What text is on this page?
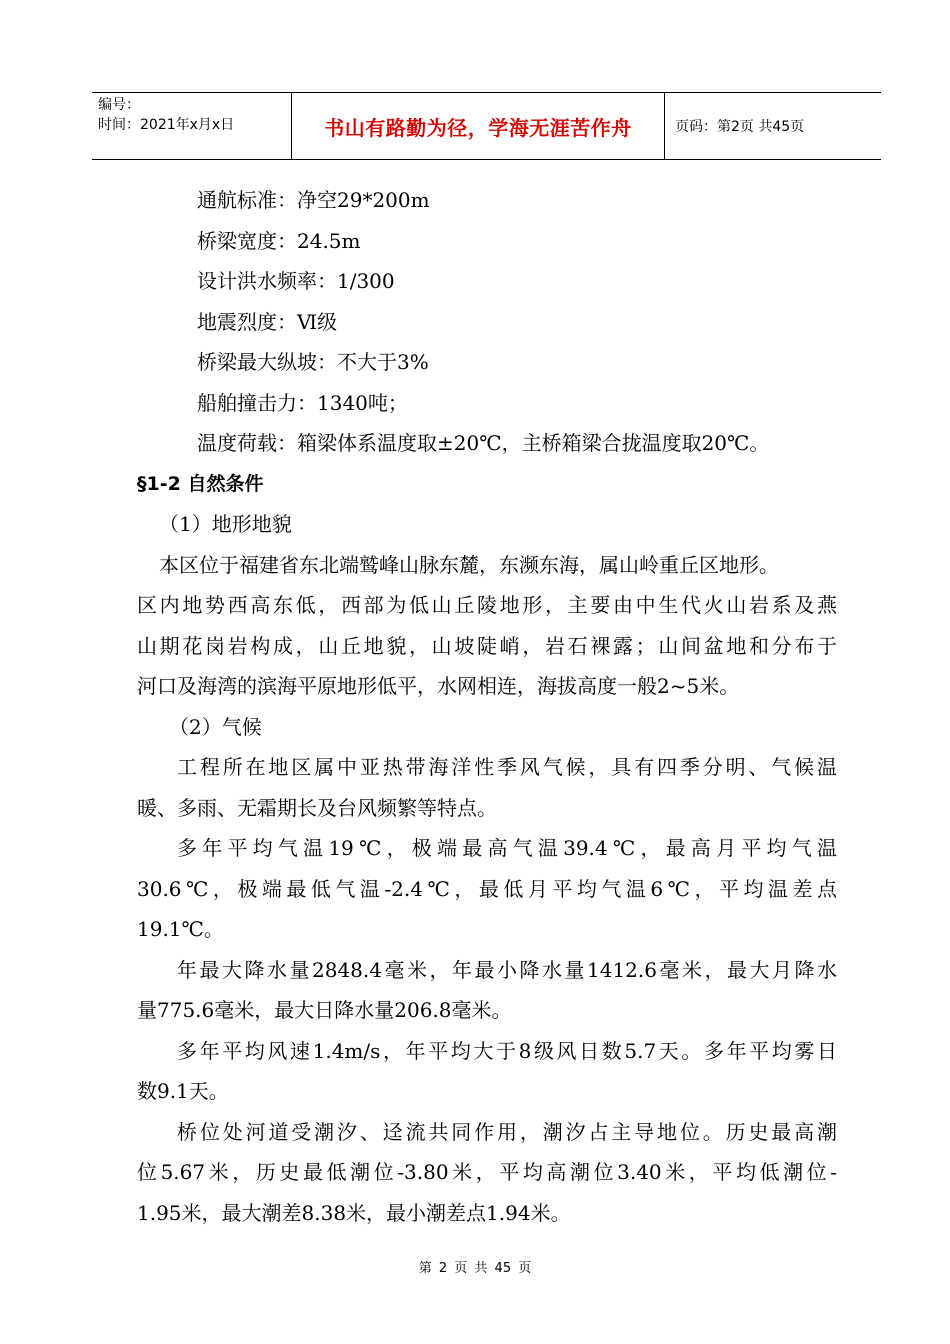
编号：
时间：2021年x月x日	书山有路勤为径，学海无涯苦作舟	页码：第2页 共45页
通航标准：净空29*200m
桥梁宽度：24.5m
设计洪水频率：1/300
地震烈度：Ⅵ级
桥梁最大纵坡：不大于3%
船舶撞击力：1340吨；
温度荷载：箱梁体系温度取±20℃，主桥箱梁合拢温度取20℃。
§1-2 自然条件
（1）地形地貌
本区位于福建省东北端鹫峰山脉东麓，东濒东海，属山岭重丘区地形。
区内地势西高东低，西部为低山丘陵地形，主要由中生代火山岩系及燕
山期花岗岩构成，山丘地貌，山坡陡峭，岩石裸露；山间盆地和分布于
河口及海湾的滨海平原地形低平，水网相连，海拔高度一般2~5米。
（2）气候
工程所在地区属中亚热带海洋性季风气候，具有四季分明、气候温
暖、多雨、无霜期长及台风频繁等特点。
多年平均气温19℃，极端最高气温39.4℃，最高月平均气温
30.6℃，极端最低气温-2.4℃，最低月平均气温6℃，平均温差点
19.1℃。
年最大降水量2848.4毫米，年最小降水量1412.6毫米，最大月降水
量775.6毫米，最大日降水量206.8毫米。
多年平均风速1.4m/s，年平均大于8级风日数5.7天。多年平均雾日
数9.1天。
桥位处河道受潮汐、迳流共同作用，潮汐占主导地位。历史最高潮
位5.67米，历史最低潮位-3.80米，平均高潮位3.40米，平均低潮位-
1.95米，最大潮差8.38米，最小潮差点1.94米。
第 2 页 共 45 页
